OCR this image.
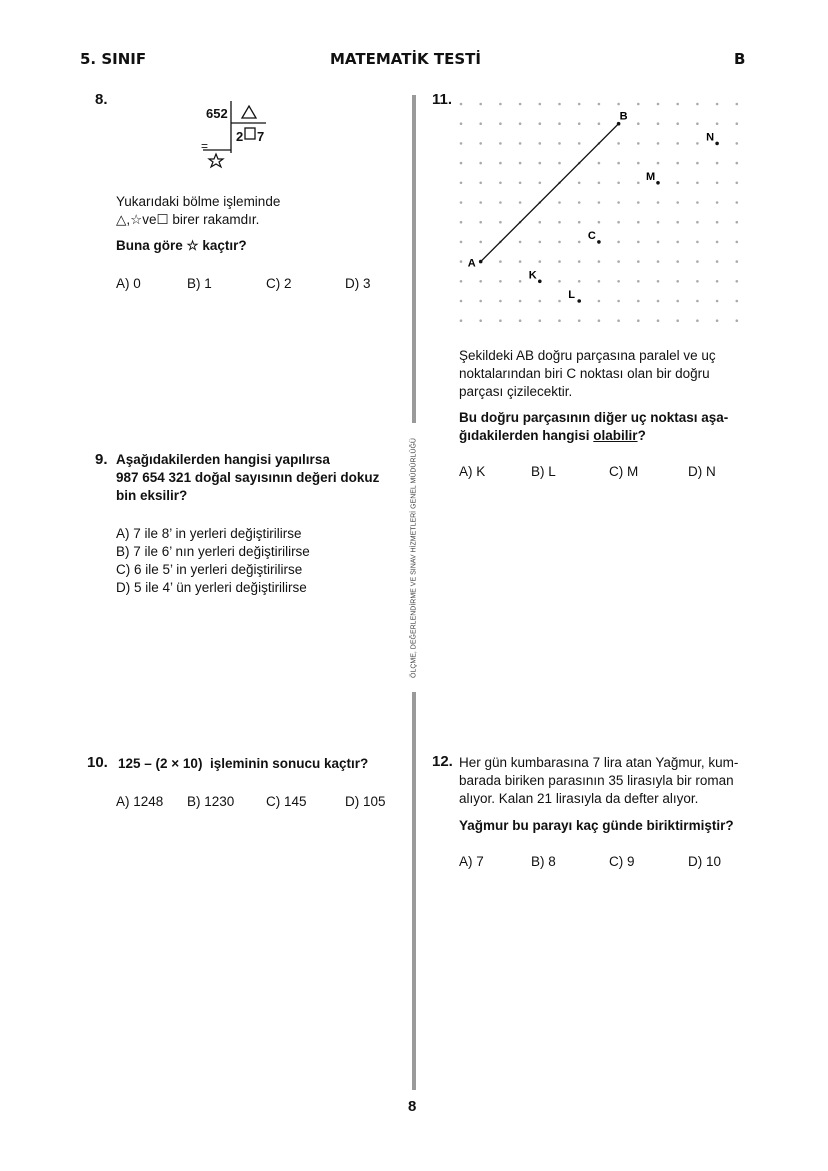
5. SINIF	MATEMATİK TESTİ	B
ÖLÇME, DEĞERLENDİRME VE SINAV HİZMETLERİ GENEL MÜDÜRLÜĞÜ
8.
652
2 7
=
Yukarıdaki bölme işleminde
△,☆ve☐ birer rakamdır.
Buna göre ☆ kaçtır?
A) 0	B) 1	C) 2	D) 3
9. Aşağıdakilerden hangisi yapılırsa
987 654 321 doğal sayısının değeri dokuz
bin eksilir?
A) 7 ile 8’ in yerleri değiştirilirse
B) 7 ile 6’ nın yerleri değiştirilirse
C) 6 ile 5’ in yerleri değiştirilirse
D) 5 ile 4’ ün yerleri değiştirilirse
10. 125 – (2 × 10) işleminin sonucu kaçtır?
A) 1248 B) 1230 C) 145	D) 105
11.
A
B
C
K
L
M
N
Şekildeki AB doğru parçasına paralel ve uç
noktalarından biri C noktası olan bir doğru
parçası çizilecektir.
Bu doğru parçasının diğer uç noktası aşa-
ğıdakilerden hangisi olabilir?
A) K	B) L	C) M	D) N
12. Her gün kumbarasına 7 lira atan Yağmur, kum-
barada biriken parasının 35 lirasıyla bir roman
alıyor. Kalan 21 lirasıyla da defter alıyor.
Yağmur bu parayı kaç günde biriktirmiştir?
A) 7	B) 8	C) 9	D) 10
8
